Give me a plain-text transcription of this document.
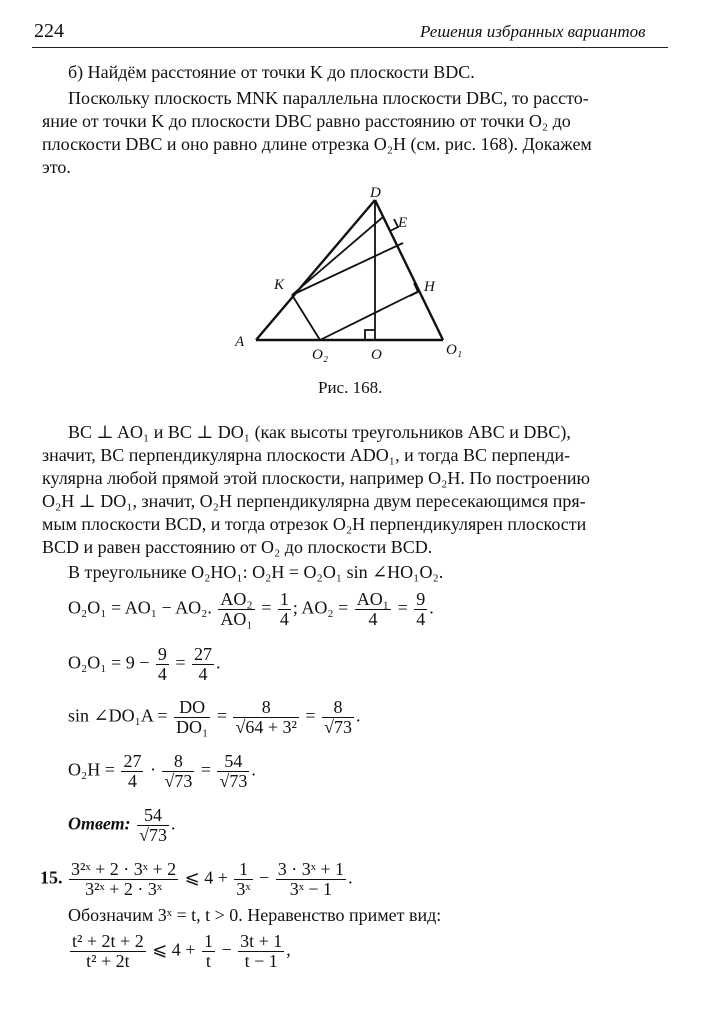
224	Решения избранных вариантов
б) Найдём расстояние от точки K до плоскости BDC.
Поскольку плоскость MNK параллельна плоскости DBC, то рассто-
яние от точки K до плоскости DBC равно расстоянию от точки O₂ до
плоскости DBC и оно равно длине отрезка O₂H (см. рис. 168). Докажем
это.
D
E
K	H
A
O₂	O	O₁
Рис. 168.
BC ⊥ AO₁ и BC ⊥ DO₁ (как высоты треугольников ABC и DBC),
значит, BC перпендикулярна плоскости ADO₁, и тогда BC перпенди-
кулярна любой прямой этой плоскости, например O₂H. По построению
O₂H ⊥ DO₁, значит, O₂H перпендикулярна двум пересекающимся пря-
мым плоскости BCD, и тогда отрезок O₂H перпендикулярен плоскости
BCD и равен расстоянию от O₂ до плоскости BCD.
В треугольнике O₂HO₁: O₂H = O₂O₁ sin ∠HO₁O₂.
O₂O₁ = AO₁ − AO₂. $\frac{\text{AO₂}}{\text{AO₁}} = \frac{1}{4}$ ; $AO_2 = \frac{\text{AO₁}}{4} = \frac{9}{4}$ .
$O_2O_1 = 9 - \frac{9}{4} = \frac{27}{4}$ .
sin ∠DO₁A = $\frac{DO}{\text{DO₁}} = \frac{8}{\text{√64 + 3²}} = \frac{8}{√73}$ .
$O_2H = \frac{27}{4} \cdot \frac{8}{√73} = \frac{54}{√73}$ .
Ответ: $\frac{54}{√73}$ .
15. $\frac{\text{3²ˣ + 2 · 3ˣ + 2}}{\text{3²ˣ + 2 · 3ˣ}}$ ⩽ $4 + \frac{1}{\text{3ˣ}} - \frac{\text{3 · 3ˣ + 1}}{\text{3ˣ − 1}}$ .
Обозначим 3ˣ = t, t > 0. Неравенство примет вид:
$\frac{\text{t² + 2t + 2}}{\text{t² + 2t}}$ ⩽ $4 + \frac{1}{t} - \frac{3t + 1}{t - 1}$ ,
